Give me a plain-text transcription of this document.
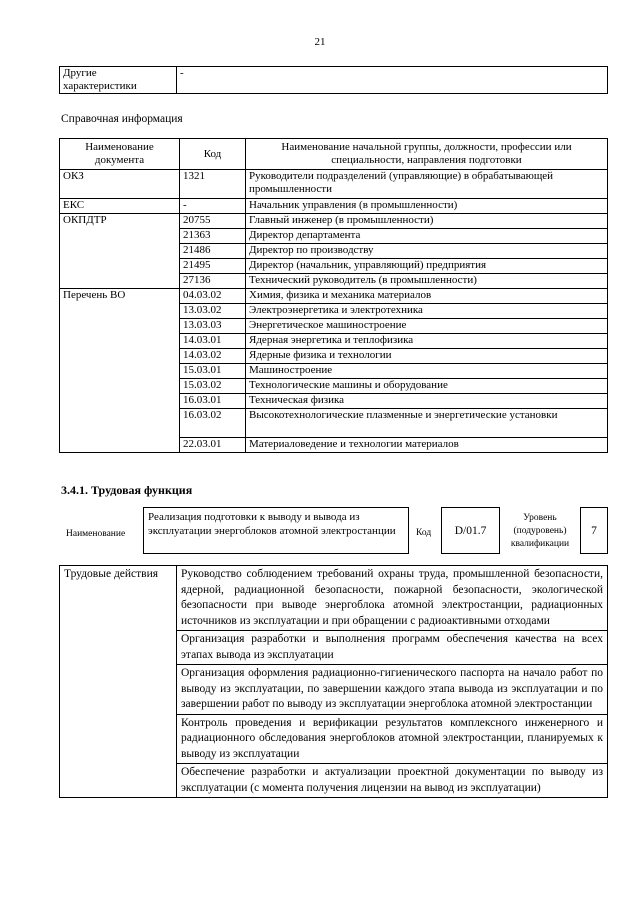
21
Другие характеристики	-
Справочная информация
Наименование документа	Код	Наименование начальной группы, должности, профессии или специальности, направления подготовки
ОКЗ	1321	Руководители подразделений (управляющие) в обрабатывающей промышленности
ЕКС	-	Начальник управления (в промышленности)
ОКПДТР	20755	Главный инженер (в промышленности)
	21363	Директор департамента
	21486	Директор по производству
	21495	Директор (начальник, управляющий) предприятия
	27136	Технический руководитель (в промышленности)
Перечень ВО	04.03.02	Химия, физика и механика материалов
	13.03.02	Электроэнергетика и электротехника
	13.03.03	Энергетическое машиностроение
	14.03.01	Ядерная энергетика и теплофизика
	14.03.02	Ядерные физика и технологии
	15.03.01	Машиностроение
	15.03.02	Технологические машины и оборудование
	16.03.01	Техническая физика
	16.03.02	Высокотехнологические плазменные и энергетические установки
	22.03.01	Материаловедение и технологии материалов
3.4.1. Трудовая функция
Наименование
Реализация подготовки к выводу и вывода из эксплуатации энергоблоков атомной электростанции	Код	D/01.7
Уровень (подуровень) квалификации
7
Трудовые действия	Руководство соблюдением требований охраны труда, промышленной безопасности, ядерной, радиационной безопасности, пожарной безопасности, экологической безопасности при выводе энергоблока атомной электростанции, радиационных источников из эксплуатации и при обращении с радиоактивными отходами
Организация разработки и выполнения программ обеспечения качества на всех этапах вывода из эксплуатации
Организация оформления радиационно-гигиенического паспорта на начало работ по выводу из эксплуатации, по завершении каждого этапа вывода из эксплуатации и по завершении работ по выводу из эксплуатации энергоблока атомной электростанции
Контроль проведения и верификации результатов комплексного инженерного и радиационного обследования энергоблоков атомной электростанции, планируемых к выводу из эксплуатации
Обеспечение разработки и актуализации проектной документации по выводу из эксплуатации (с момента получения лицензии на вывод из эксплуатации)
